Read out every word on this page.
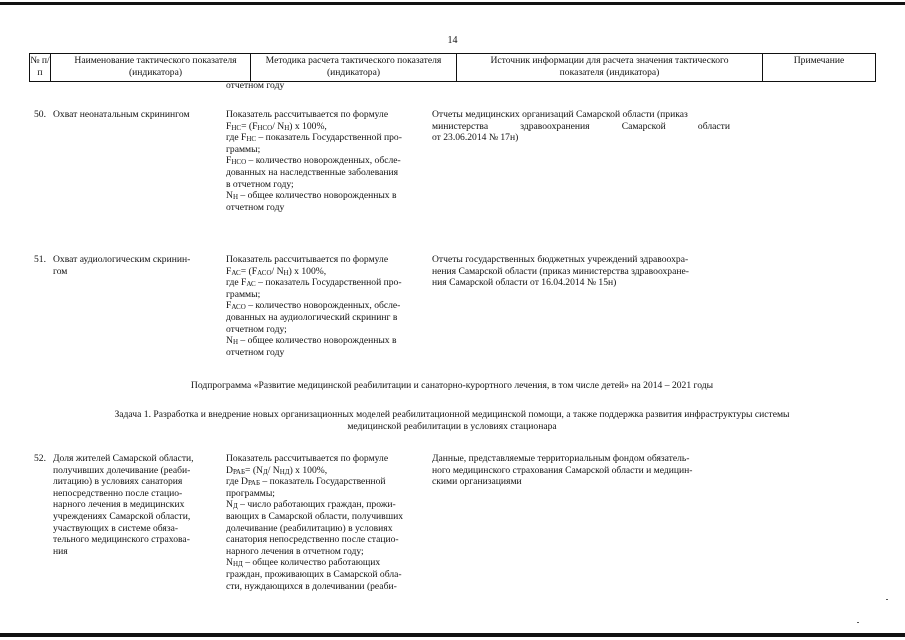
14
№ п/п
Наименование тактического показателя (индикатора)
Методика расчета тактического показателя (индикатора)
Источник информации для расчета значения тактического показателя (индикатора)
Примечание
отчетном году
50. Охват неонатальным скринингом	Показатель рассчитывается по формуле
FНС= (FНСО/ NН) х 100%,
где FНС – показатель Государственной про-
граммы;
FНСО – количество новорожденных, обсле-
дованных на наследственные заболевания
в отчетном году;
NН – общее количество новорожденных в
отчетном году
Отчеты медицинских организаций Самарской области (приказ
министерства здравоохранения Самарской области
от 23.06.2014 № 17н)
51. Охват аудиологическим скринин-
гом
Показатель рассчитывается по формуле
FАС= (FАСО/ NН) х 100%,
где FАС – показатель Государственной про-
граммы;
FАСО – количество новорожденных, обсле-
дованных на аудиологический скрининг в
отчетном году;
NН – общее количество новорожденных в
отчетном году
Отчеты государственных бюджетных учреждений здравоохра-
нения Самарской области (приказ министерства здравоохране-
ния Самарской области от 16.04.2014 № 15н)
Подпрограмма «Развитие медицинской реабилитации и санаторно-курортного лечения, в том числе детей» на 2014 – 2021 годы
Задача 1. Разработка и внедрение новых организационных моделей реабилитационной медицинской помощи, а также поддержка развития инфраструктуры системы
медицинской реабилитации в условиях стационара
52. Доля жителей Самарской области,
получивших долечивание (реаби-
литацию) в условиях санатория
непосредственно после стацио-
нарного лечения в медицинских
учреждениях Самарской области,
участвующих в системе обяза-
тельного медицинского страхова-
ния
Показатель рассчитывается по формуле
DРАБ= (NД/ NНД) х 100%,
где DРАБ – показатель Государственной
программы;
NД – число работающих граждан, прожи-
вающих в Самарской области, получивших
долечивание (реабилитацию) в условиях
санатория непосредственно после стацио-
нарного лечения в отчетном году;
NНД – общее количество работающих
граждан, проживающих в Самарской обла-
сти, нуждающихся в долечивании (реаби-
Данные, представляемые территориальным фондом обязатель-
ного медицинского страхования Самарской области и медицин-
скими организациями
